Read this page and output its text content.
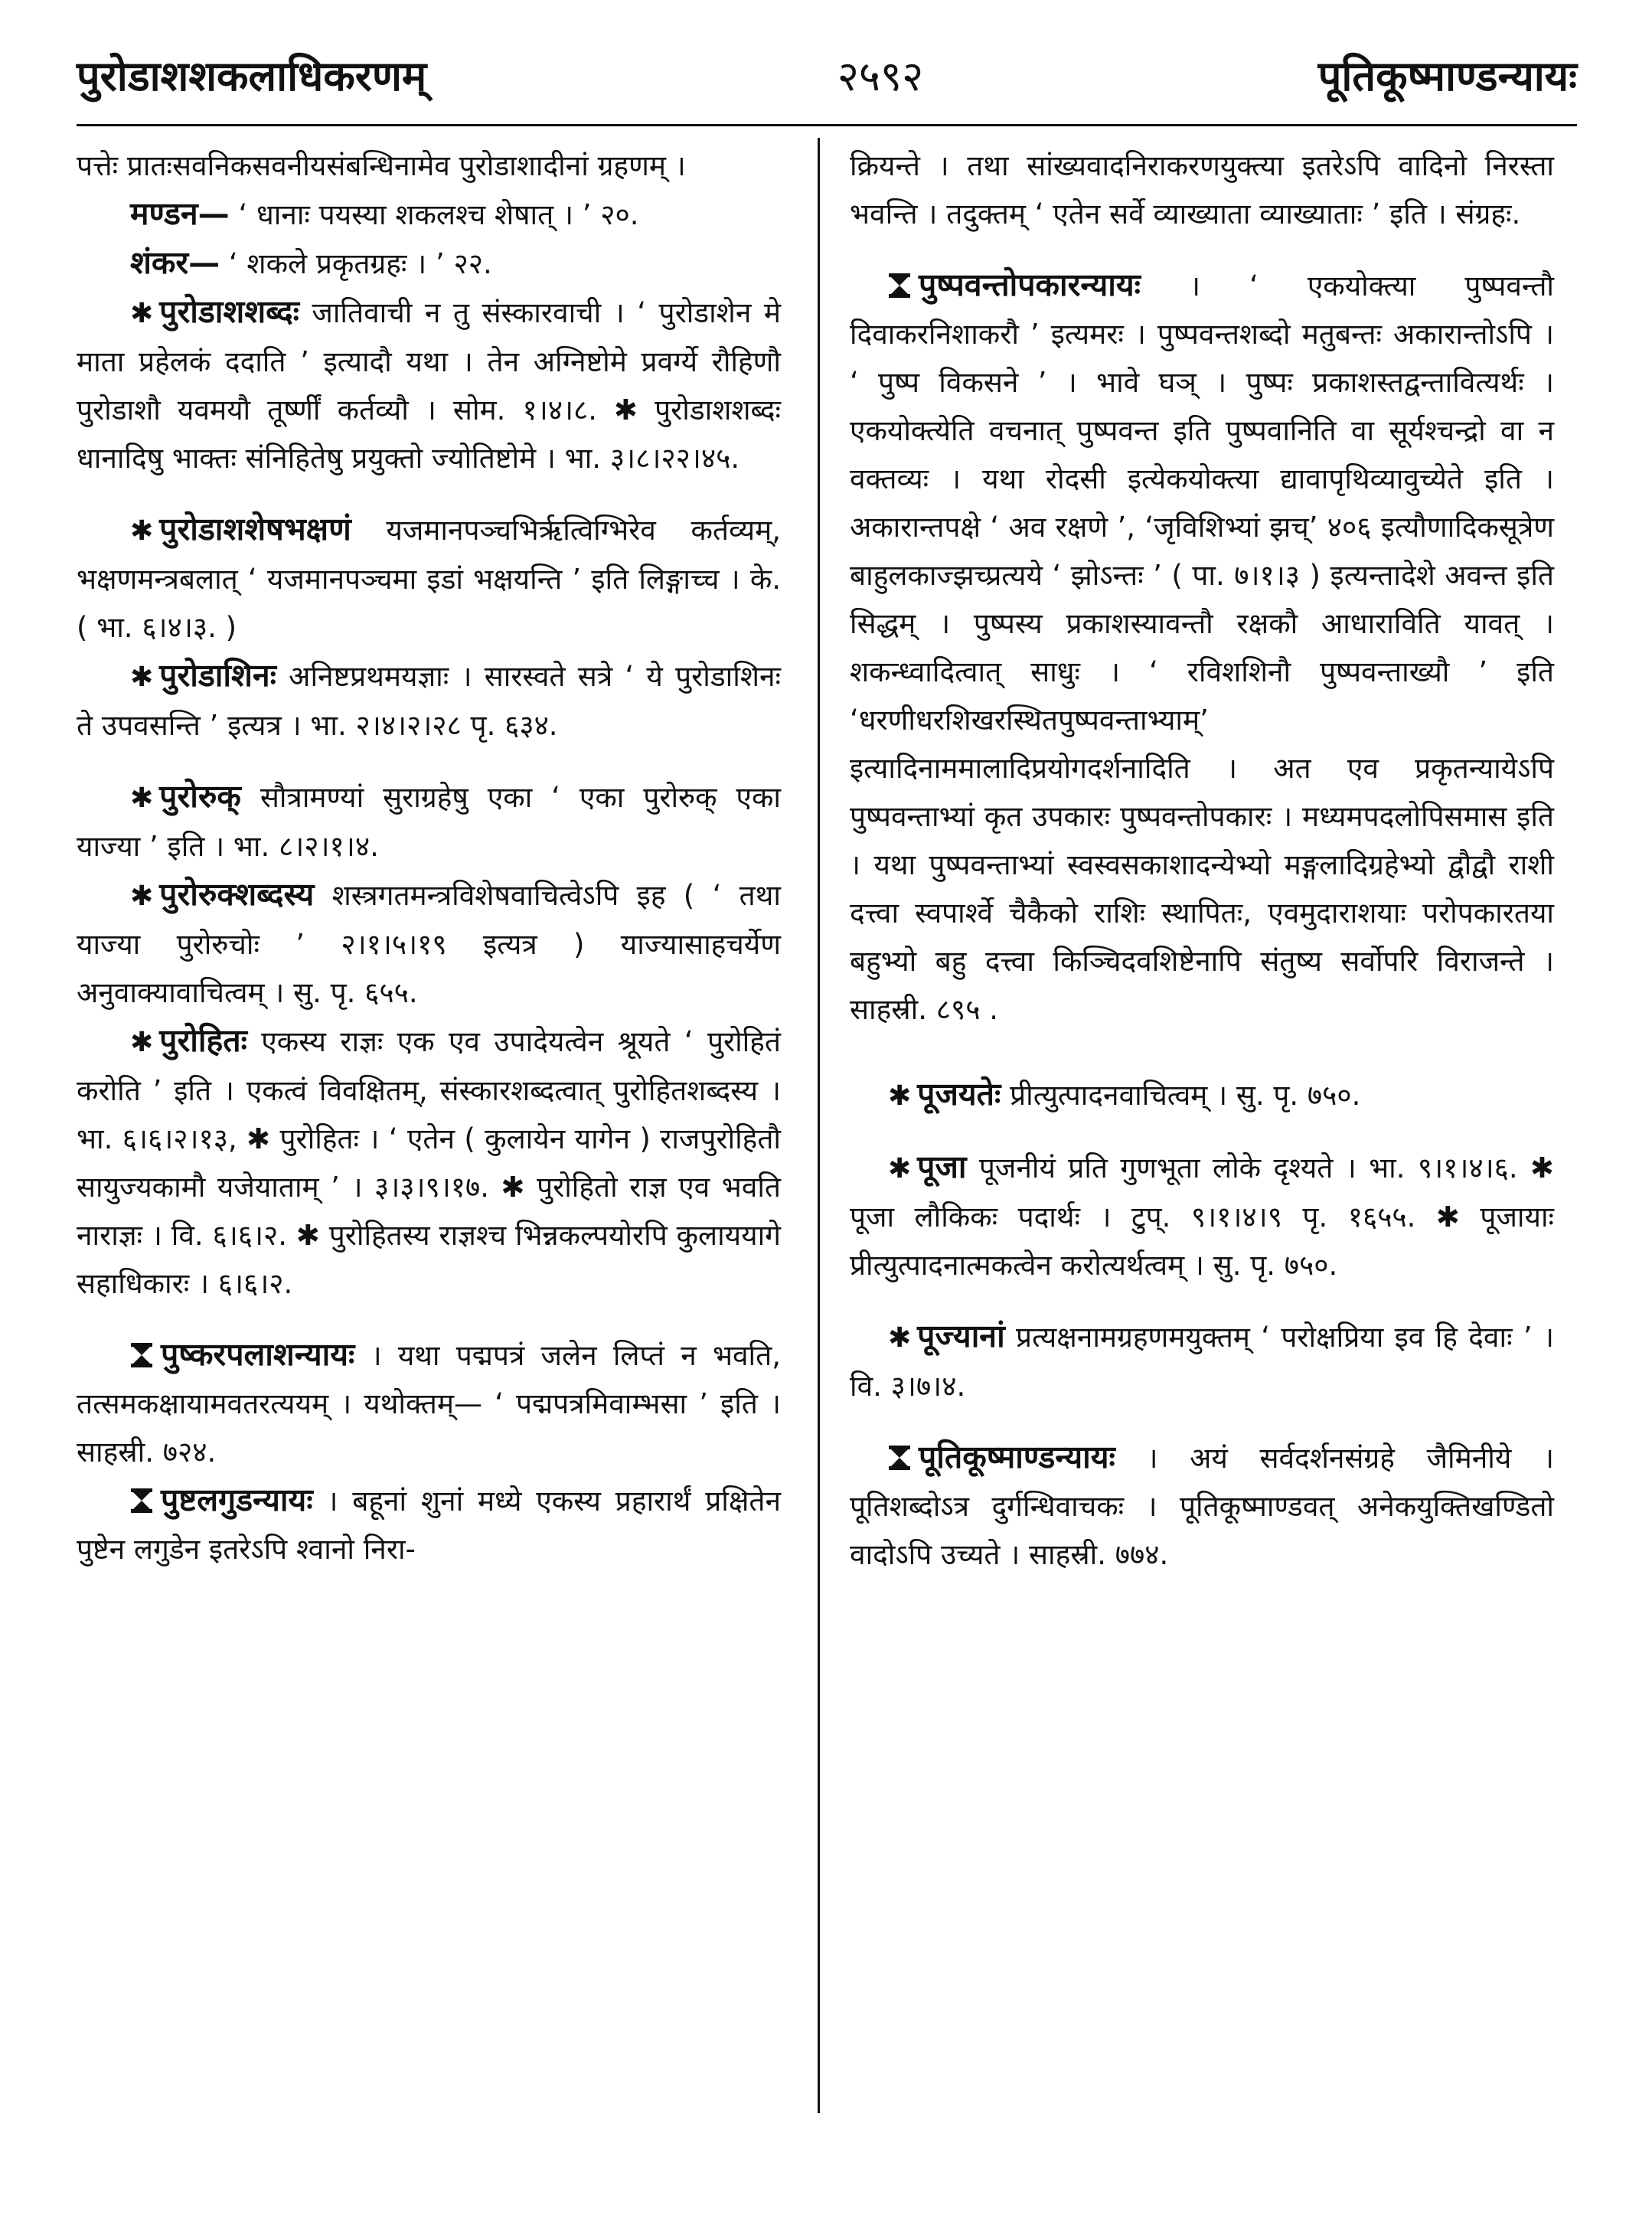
पुरोडाशशकलाधिकरणम्	२५९२	पूतिकूष्माण्डन्यायः

पत्तेः प्रातःसवनिकसवनीयसंबन्धिनामेव पुरोडाशादीनां ग्रहणम् ।

मण्डन— ‘ धानाः पयस्या शकलश्च शेषात् । ’ २०.

शंकर— ‘ शकले प्रकृतग्रहः । ’ २२.

✱ पुरोडाशशब्दः जातिवाची न तु संस्कारवाची । ‘ पुरोडाशेन मे माता प्रहेलकं ददाति ’ इत्यादौ यथा । तेन अग्निष्टोमे प्रवर्ग्ये रौहिणौ पुरोडाशौ यवमयौ तूर्ष्णीं कर्तव्यौ । सोम. १।४।८. ✱ पुरोडाशशब्दः धानादिषु भाक्तः संनिहितेषु प्रयुक्तो ज्योतिष्टोमे । भा. ३।८।२२।४५.

✱ पुरोडाशशेषभक्षणं यजमानपञ्चभिर्ऋत्विग्भिरेव कर्तव्यम्, भक्षणमन्त्रबलात् ‘ यजमानपञ्चमा इडां भक्षयन्ति ’ इति लिङ्गाच्च । के. ( भा. ६।४।३. )

✱ पुरोडाशिनः अनिष्टप्रथमयज्ञाः । सारस्वते सत्रे ‘ ये पुरोडाशिनः ते उपवसन्ति ’ इत्यत्र । भा. २।४।२।२८ पृ. ६३४.

✱ पुरोरुक् सौत्रामण्यां सुराग्रहेषु एका ‘ एका पुरोरुक् एका याज्या ’ इति । भा. ८।२।१।४.

✱ पुरोरुक्शब्दस्य शस्त्रगतमन्त्रविशेषवाचित्वेऽपि इह ( ‘ तथा याज्या पुरोरुचोः ’ २।१।५।१९ इत्यत्र ) याज्यासाहचर्येण अनुवाक्यावाचित्वम् । सु. पृ. ६५५.

✱ पुरोहितः एकस्य राज्ञः एक एव उपादेयत्वेन श्रूयते ‘ पुरोहितं करोति ’ इति । एकत्वं विवक्षितम्, संस्कारशब्दत्वात् पुरोहितशब्दस्य । भा. ६।६।२।१३, ✱ पुरोहितः । ‘ एतेन ( कुलायेन यागेन ) राजपुरोहितौ सायुज्यकामौ यजेयाताम् ’ । ३।३।९।१७. ✱ पुरोहितो राज्ञ एव भवति नाराज्ञः । वि. ६।६।२. ✱ पुरोहितस्य राज्ञश्च भिन्नकल्पयोरपि कुलाययागे सहाधिकारः । ६।६।२.

पुष्करपलाशन्यायः । यथा पद्मपत्रं जलेन लिप्तं न भवति, तत्समकक्षायामवतरत्ययम् । यथोक्तम्— ‘ पद्मपत्रमिवाम्भसा ’ इति । साहस्री. ७२४.

पुष्टलगुडन्यायः । बहूनां शुनां मध्ये एकस्य प्रहारार्थं प्रक्षितेन पुष्टेन लगुडेन इतरेऽपि श्वानो निरा-

क्रियन्ते । तथा सांख्यवादनिराकरणयुक्त्या इतरेऽपि वादिनो निरस्ता भवन्ति । तदुक्तम् ‘ एतेन सर्वे व्याख्याता व्याख्याताः ’ इति । संग्रहः.

पुष्पवन्तोपकारन्यायः । ‘ एकयोक्त्या पुष्पवन्तौ दिवाकरनिशाकरौ ’ इत्यमरः । पुष्पवन्तशब्दो मतुबन्तः अकारान्तोऽपि । ‘ पुष्प विकसने ’ । भावे घञ् । पुष्पः प्रकाशस्तद्वन्तावित्यर्थः । एकयोक्त्येति वचनात् पुष्पवन्त इति पुष्पवानिति वा सूर्यश्चन्द्रो वा न वक्तव्यः । यथा रोदसी इत्येकयोक्त्या द्यावापृथिव्यावुच्येते इति । अकारान्तपक्षे ‘ अव रक्षणे ’, ‘जृविशिभ्यां झच्’ ४०६ इत्यौणादिकसूत्रेण बाहुलकाज्झच्प्रत्यये ‘ झोऽन्तः ’ ( पा. ७।१।३ ) इत्यन्तादेशे अवन्त इति सिद्धम् । पुष्पस्य प्रकाशस्यावन्तौ रक्षकौ आधाराविति यावत् । शकन्ध्वादित्वात् साधुः । ‘ रविशशिनौ पुष्पवन्ताख्यौ ’ इति ‘धरणीधरशिखरस्थितपुष्पवन्ताभ्याम्’ इत्यादिनाममालादिप्रयोगदर्शनादिति । अत एव प्रकृतन्यायेऽपि पुष्पवन्ताभ्यां कृत उपकारः पुष्पवन्तोपकारः । मध्यमपदलोपिसमास इति । यथा पुष्पवन्ताभ्यां स्वस्वसकाशादन्येभ्यो मङ्गलादिग्रहेभ्यो द्वौद्वौ राशी दत्त्वा स्वपार्श्वे चैकैको राशिः स्थापितः, एवमुदाराशयाः परोपकारतया बहुभ्यो बहु दत्त्वा किञ्चिदवशिष्टेनापि संतुष्य सर्वोपरि विराजन्ते । साहस्री. ८९५ .

✱ पूजयतेः प्रीत्युत्पादनवाचित्वम् । सु. पृ. ७५०.

✱ पूजा पूजनीयं प्रति गुणभूता लोके दृश्यते । भा. ९।१।४।६. ✱ पूजा लौकिकः पदार्थः । टुप्. ९।१।४।९ पृ. १६५५. ✱ पूजायाः प्रीत्युत्पादनात्मकत्वेन करोत्यर्थत्वम् । सु. पृ. ७५०.

✱ पूज्यानां प्रत्यक्षनामग्रहणमयुक्तम् ‘ परोक्षप्रिया इव हि देवाः ’ । वि. ३।७।४.

पूतिकूष्माण्डन्यायः । अयं सर्वदर्शनसंग्रहे जैमिनीये । पूतिशब्दोऽत्र दुर्गन्धिवाचकः । पूतिकूष्माण्डवत् अनेकयुक्तिखण्डितो वादोऽपि उच्यते । साहस्री. ७७४.
